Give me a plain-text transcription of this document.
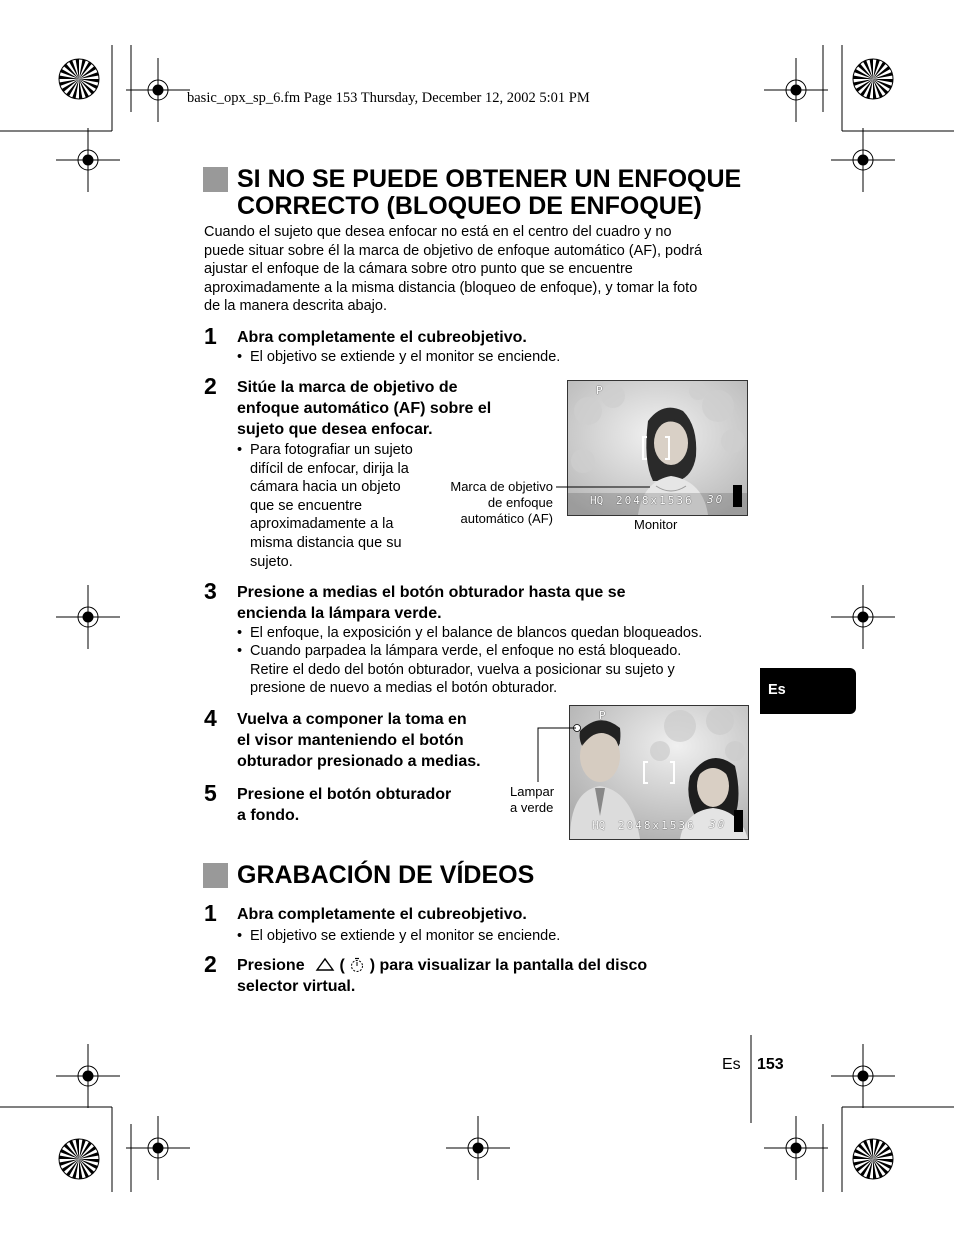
basic_opx_sp_6.fm Page 153 Thursday, December 12, 2002 5:01 PM
SI NO SE PUEDE OBTENER UN ENFOQUE
CORRECTO (BLOQUEO DE ENFOQUE)
Cuando el sujeto que desea enfocar no está en el centro del cuadro y no
puede situar sobre él la marca de objetivo de enfoque automático (AF), podrá
ajustar el enfoque de la cámara sobre otro punto que se encuentre
aproximadamente a la misma distancia (bloqueo de enfoque), y tomar la foto
de la manera descrita abajo.
1 Abra completamente el cubreobjetivo.
• El objetivo se extiende y el monitor se enciende.
2 Sitúe la marca de objetivo de
enfoque automático (AF) sobre el
sujeto que desea enfocar.
• Para fotografiar un sujeto
difícil de enfocar, dirija la
cámara hacia un objeto
que se encuentre
aproximadamente a la
misma distancia que su
sujeto.
P
HQ 2048x1536 30
Marca de objetivo
de enfoque
automático (AF)	Monitor
3 Presione a medias el botón obturador hasta que se
encienda la lámpara verde.
• El enfoque, la exposición y el balance de blancos quedan bloqueados.
• Cuando parpadea la lámpara verde, el enfoque no está bloqueado.
Retire el dedo del botón obturador, vuelva a posicionar su sujeto y
presione de nuevo a medias el botón obturador.
4 Vuelva a componer la toma en
el visor manteniendo el botón
obturador presionado a medias.
5 Presione el botón obturador
a fondo.
P
HQ 2048x1536 30
Lampar
a verde
GRABACIÓN DE VÍDEOS
1 Abra completamente el cubreobjetivo.
• El objetivo se extiende y el monitor se enciende.
2 Presione ( ) para visualizar la pantalla del disco
selector virtual.
Es
Es 153
